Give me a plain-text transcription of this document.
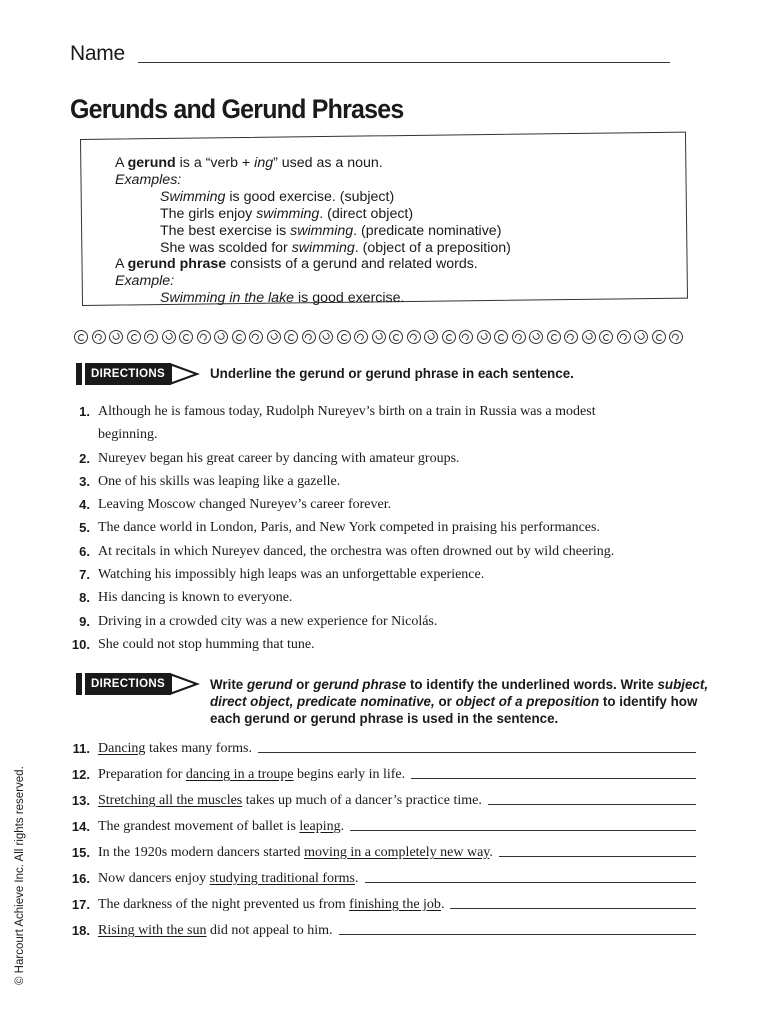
Name
Gerunds and Gerund Phrases
A gerund is a “verb + ing” used as a noun.
Examples:
Swimming is good exercise. (subject)
The girls enjoy swimming. (direct object)
The best exercise is swimming. (predicate nominative)
She was scolded for swimming. (object of a preposition)
A gerund phrase consists of a gerund and related words.
Example:
Swimming in the lake is good exercise.
DIRECTIONS	Underline the gerund or gerund phrase in each sentence.
1. Although he is famous today, Rudolph Nureyev’s birth on a train in Russia was a modest
beginning.
2. Nureyev began his great career by dancing with amateur groups.
3. One of his skills was leaping like a gazelle.
4. Leaving Moscow changed Nureyev’s career forever.
5. The dance world in London, Paris, and New York competed in praising his performances.
6. At recitals in which Nureyev danced, the orchestra was often drowned out by wild cheering.
7. Watching his impossibly high leaps was an unforgettable experience.
8. His dancing is known to everyone.
9. Driving in a crowded city was a new experience for Nicolás.
10. She could not stop humming that tune.
DIRECTIONS	Write gerund or gerund phrase to identify the underlined words. Write subject, direct object, predicate nominative, or object of a preposition to identify how each gerund or gerund phrase is used in the sentence.
11. Dancing takes many forms.
12. Preparation for dancing in a troupe begins early in life.
13. Stretching all the muscles takes up much of a dancer’s practice time.
14. The grandest movement of ballet is leaping.
15. In the 1920s modern dancers started moving in a completely new way.
16. Now dancers enjoy studying traditional forms.
17. The darkness of the night prevented us from finishing the job.
18. Rising with the sun did not appeal to him.
© Harcourt Achieve Inc. All rights reserved.
